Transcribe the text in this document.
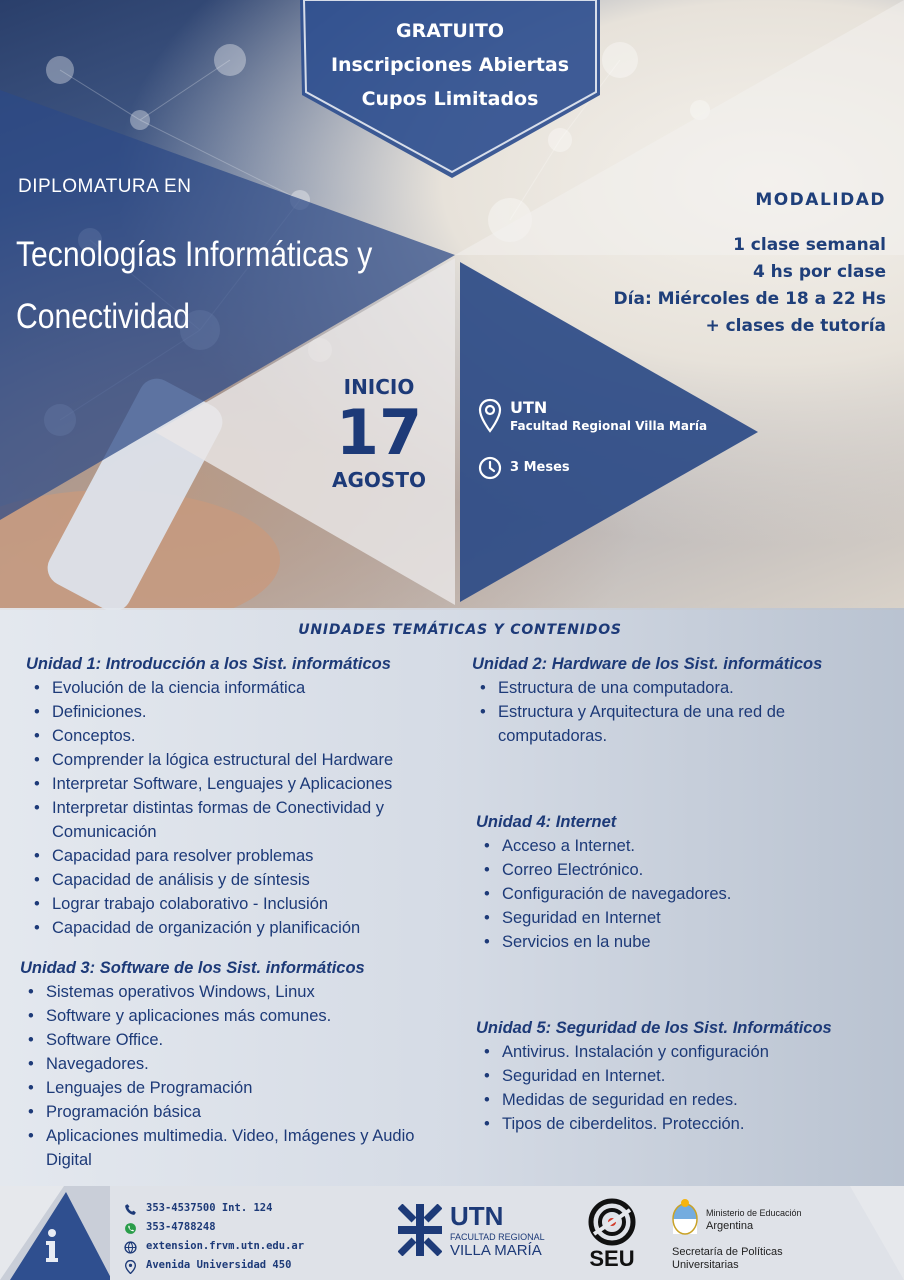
GRATUITO
Inscripciones Abiertas
Cupos Limitados
DIPLOMATURA EN
Tecnologías Informáticas y
Conectividad
MODALIDAD
1 clase semanal
4 hs por clase
Día: Miércoles de 18 a 22 Hs
+ clases de tutoría
INICIO
17
AGOSTO
UTN
Facultad Regional Villa María
3 Meses
UNIDADES TEMÁTICAS Y CONTENIDOS
Unidad 1: Introducción a los Sist. informáticos
• Evolución de la ciencia informática
• Definiciones.
• Conceptos.
• Comprender la lógica estructural del Hardware
• Interpretar Software, Lenguajes y Aplicaciones
• Interpretar distintas formas de Conectividad y Comunicación
• Capacidad para resolver problemas
• Capacidad de análisis y de síntesis
• Lograr trabajo colaborativo - Inclusión
• Capacidad de organización y planificación
Unidad 2: Hardware de los Sist. informáticos
• Estructura de una computadora.
• Estructura y Arquitectura de una red de computadoras.
Unidad 3: Software de los Sist. informáticos
• Sistemas operativos Windows, Linux
• Software y aplicaciones más comunes.
• Software Office.
• Navegadores.
• Lenguajes de Programación
• Programación básica
• Aplicaciones multimedia. Video, Imágenes y Audio Digital
Unidad 4: Internet
• Acceso a Internet.
• Correo Electrónico.
• Configuración de navegadores.
• Seguridad en Internet
• Servicios en la nube
Unidad 5: Seguridad de los Sist. Informáticos
• Antivirus. Instalación y configuración
• Seguridad en Internet.
• Medidas de seguridad en redes.
• Tipos de ciberdelitos. Protección.
353-4537500 Int. 124
353-4788248
extension.frvm.utn.edu.ar
Avenida Universidad 450
UTN
FACULTAD REGIONAL
VILLA MARÍA SEU
Ministerio de Educación
Argentina
Secretaría de Políticas
Universitarias
